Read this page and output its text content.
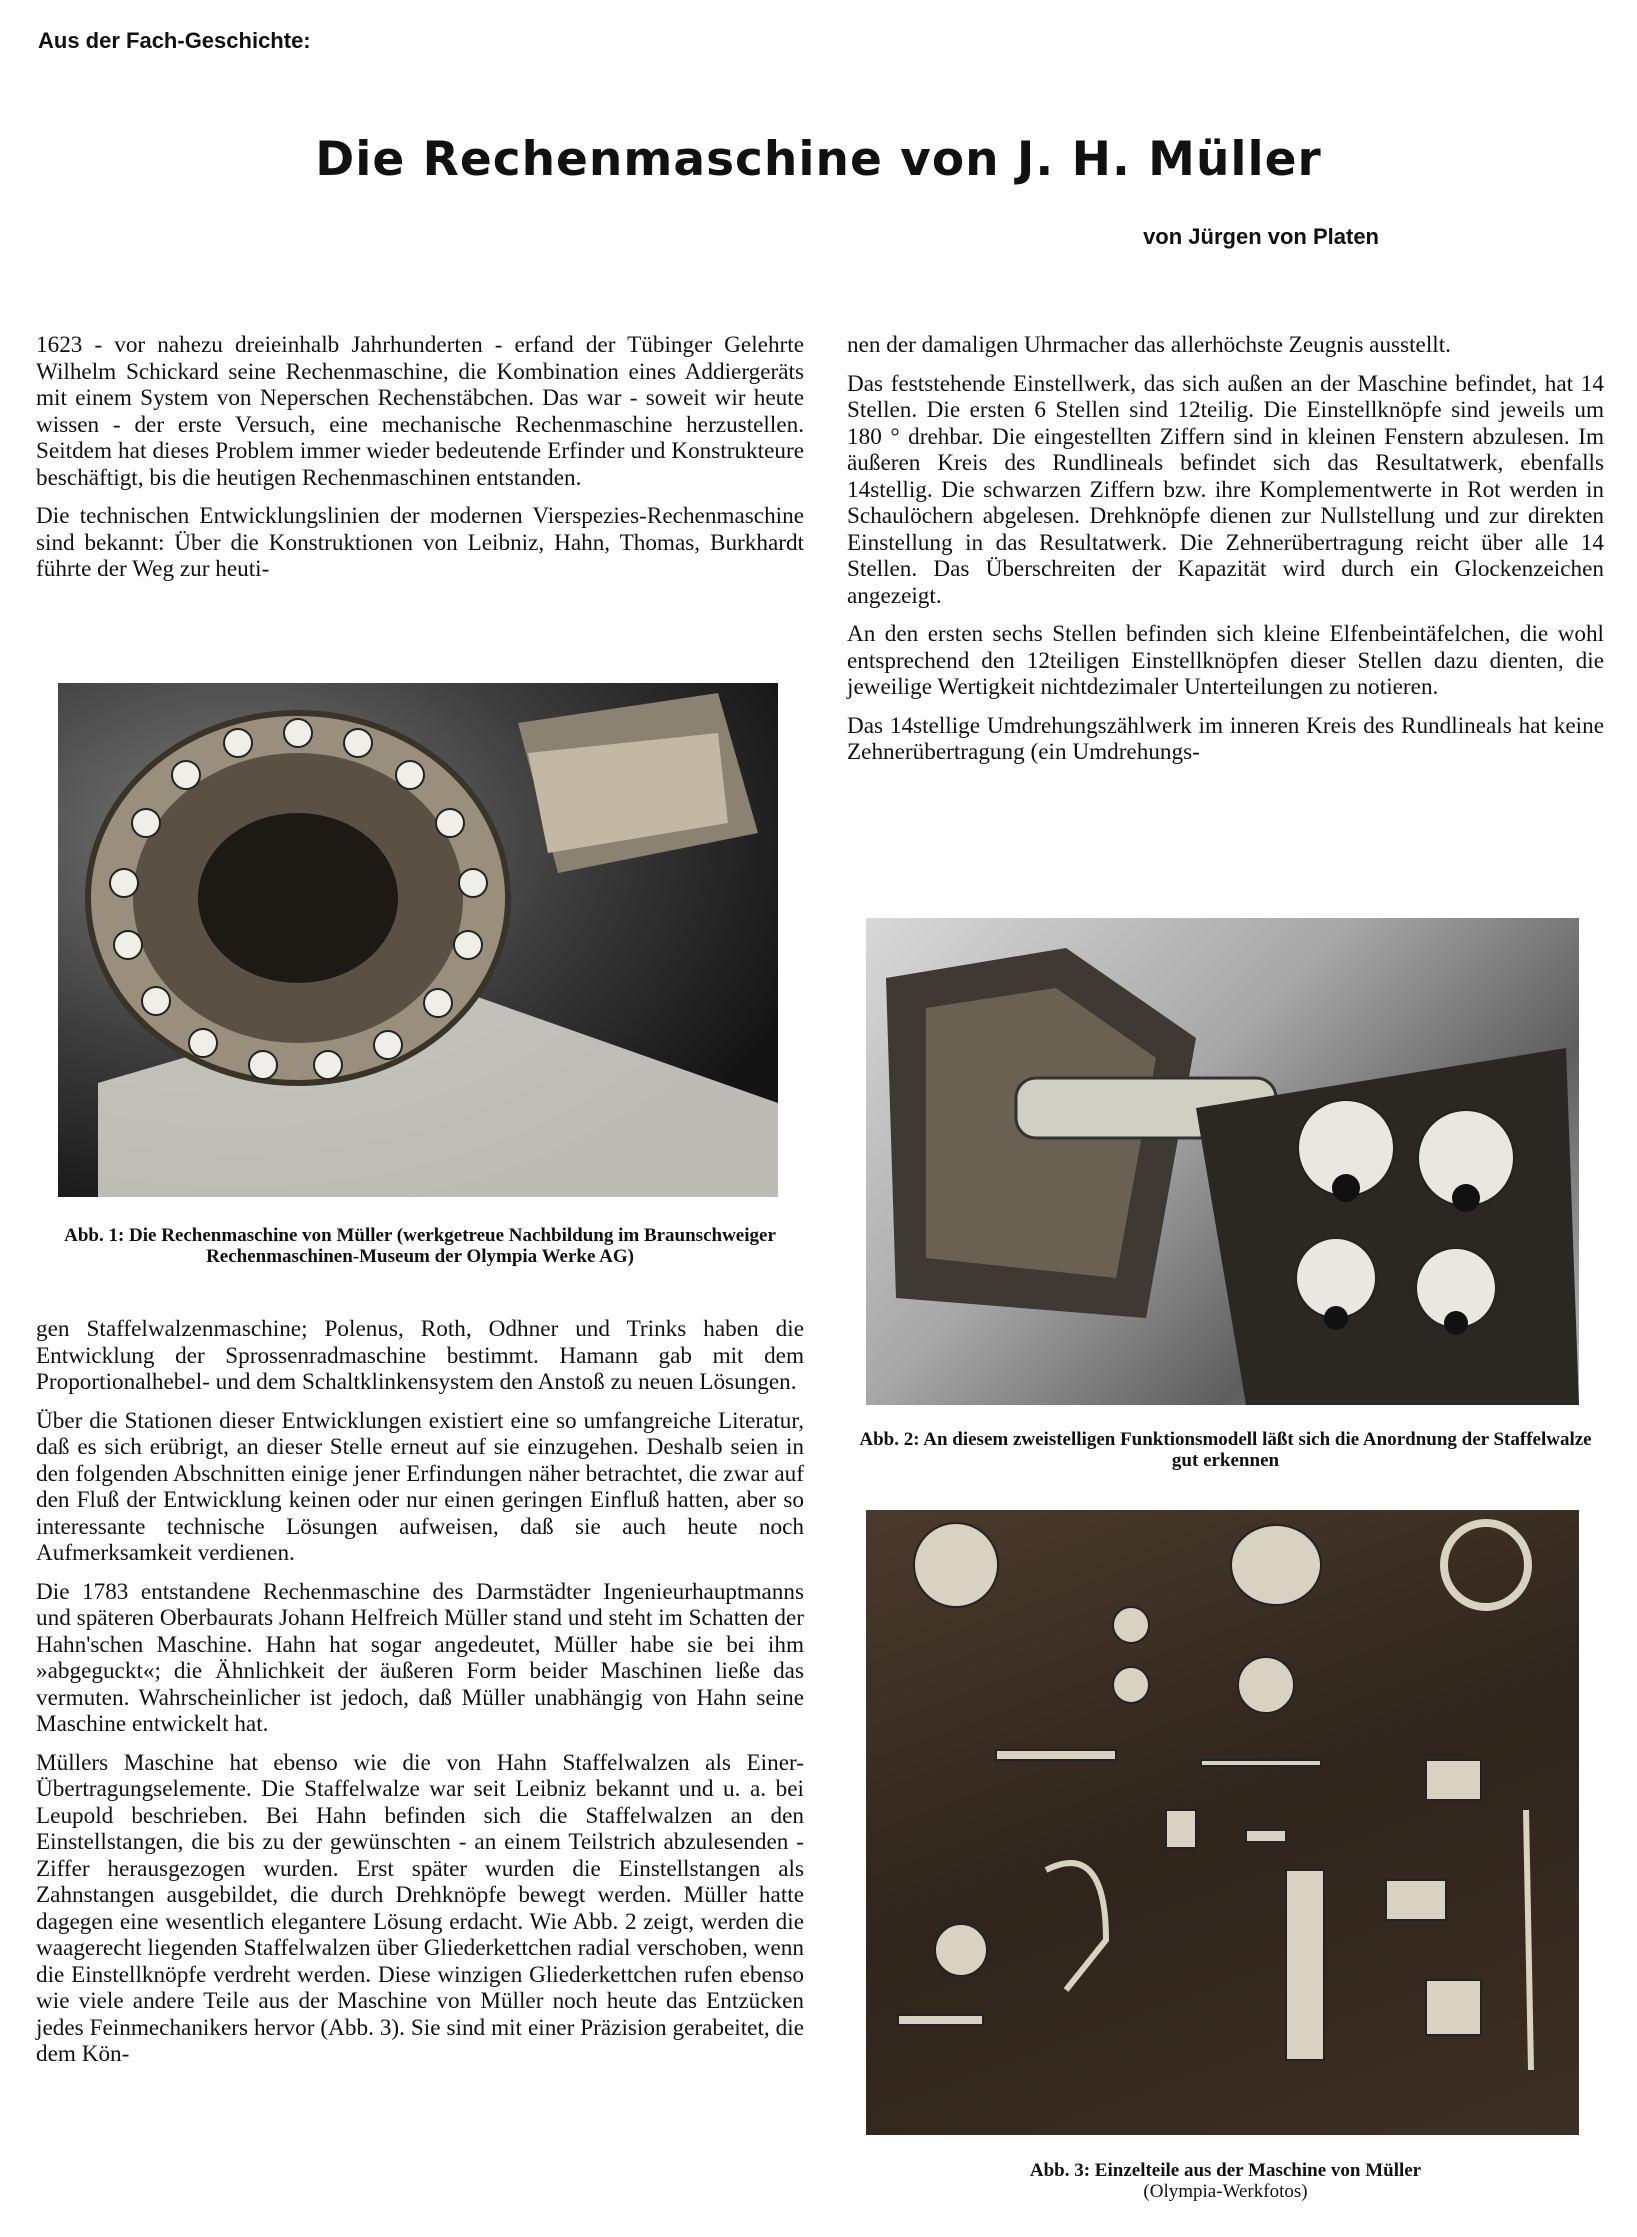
Aus der Fach-Geschichte:
Die Rechenmaschine von J. H. Müller
von Jürgen von Platen

1623 - vor nahezu dreieinhalb Jahrhunderten - erfand der Tübinger Gelehrte Wilhelm Schickard seine Rechenmaschine, die Kombination eines Addiergeräts mit einem System von Neperschen Rechenstäbchen. Das war - soweit wir heute wissen - der erste Versuch, eine mechanische Rechenmaschine herzustellen. Seitdem hat dieses Problem immer wieder bedeutende Erfinder und Konstrukteure beschäftigt, bis die heutigen Rechenmaschinen entstanden.

Die technischen Entwicklungslinien der modernen Vierspezies-Rechenmaschine sind bekannt: Über die Konstruktionen von Leibniz, Hahn, Thomas, Burkhardt führte der Weg zur heuti-

Abb. 1: Die Rechenmaschine von Müller (werkgetreue Nachbildung im Braunschweiger Rechenmaschinen-Museum der Olympia Werke AG)

gen Staffelwalzenmaschine; Polenus, Roth, Odhner und Trinks haben die Entwicklung der Sprossenradmaschine bestimmt. Hamann gab mit dem Proportionalhebel- und dem Schaltklinkensystem den Anstoß zu neuen Lösungen.

Über die Stationen dieser Entwicklungen existiert eine so umfangreiche Literatur, daß es sich erübrigt, an dieser Stelle erneut auf sie einzugehen. Deshalb seien in den folgenden Abschnitten einige jener Erfindungen näher betrachtet, die zwar auf den Fluß der Entwicklung keinen oder nur einen geringen Einfluß hatten, aber so interessante technische Lösungen aufweisen, daß sie auch heute noch Aufmerksamkeit verdienen.

Die 1783 entstandene Rechenmaschine des Darmstädter Ingenieurhauptmanns und späteren Oberbaurats Johann Helfreich Müller stand und steht im Schatten der Hahn'schen Maschine. Hahn hat sogar angedeutet, Müller habe sie bei ihm »abgeguckt«; die Ähnlichkeit der äußeren Form beider Maschinen ließe das vermuten. Wahrscheinlicher ist jedoch, daß Müller unabhängig von Hahn seine Maschine entwickelt hat.

Müllers Maschine hat ebenso wie die von Hahn Staffelwalzen als Einer-Übertragungselemente. Die Staffelwalze war seit Leibniz bekannt und u. a. bei Leupold beschrieben. Bei Hahn befinden sich die Staffelwalzen an den Einstellstangen, die bis zu der gewünschten - an einem Teilstrich abzulesenden - Ziffer herausgezogen wurden. Erst später wurden die Einstellstangen als Zahnstangen ausgebildet, die durch Drehknöpfe bewegt werden. Müller hatte dagegen eine wesentlich elegantere Lösung erdacht. Wie Abb. 2 zeigt, werden die waagerecht liegenden Staffelwalzen über Gliederkettchen radial verschoben, wenn die Einstellknöpfe verdreht werden. Diese winzigen Gliederkettchen rufen ebenso wie viele andere Teile aus der Maschine von Müller noch heute das Entzücken jedes Feinmechanikers hervor (Abb. 3). Sie sind mit einer Präzision gerabeitet, die dem Kön-

nen der damaligen Uhrmacher das allerhöchste Zeugnis ausstellt.

Das feststehende Einstellwerk, das sich außen an der Maschine befindet, hat 14 Stellen. Die ersten 6 Stellen sind 12teilig. Die Einstellknöpfe sind jeweils um 180 ° drehbar. Die eingestellten Ziffern sind in kleinen Fenstern abzulesen. Im äußeren Kreis des Rundlineals befindet sich das Resultatwerk, ebenfalls 14stellig. Die schwarzen Ziffern bzw. ihre Komplementwerte in Rot werden in Schaulöchern abgelesen. Drehknöpfe dienen zur Nullstellung und zur direkten Einstellung in das Resultatwerk. Die Zehnerübertragung reicht über alle 14 Stellen. Das Überschreiten der Kapazität wird durch ein Glockenzeichen angezeigt.

An den ersten sechs Stellen befinden sich kleine Elfenbeintäfelchen, die wohl entsprechend den 12teiligen Einstellknöpfen dieser Stellen dazu dienten, die jeweilige Wertigkeit nichtdezimaler Unterteilungen zu notieren.

Das 14stellige Umdrehungszählwerk im inneren Kreis des Rundlineals hat keine Zehnerübertragung (ein Umdrehungs-

Abb. 2: An diesem zweistelligen Funktionsmodell läßt sich die Anordnung der Staffelwalze gut erkennen
Abb. 3: Einzelteile aus der Maschine von Müller
(Olympia-Werkfotos)
